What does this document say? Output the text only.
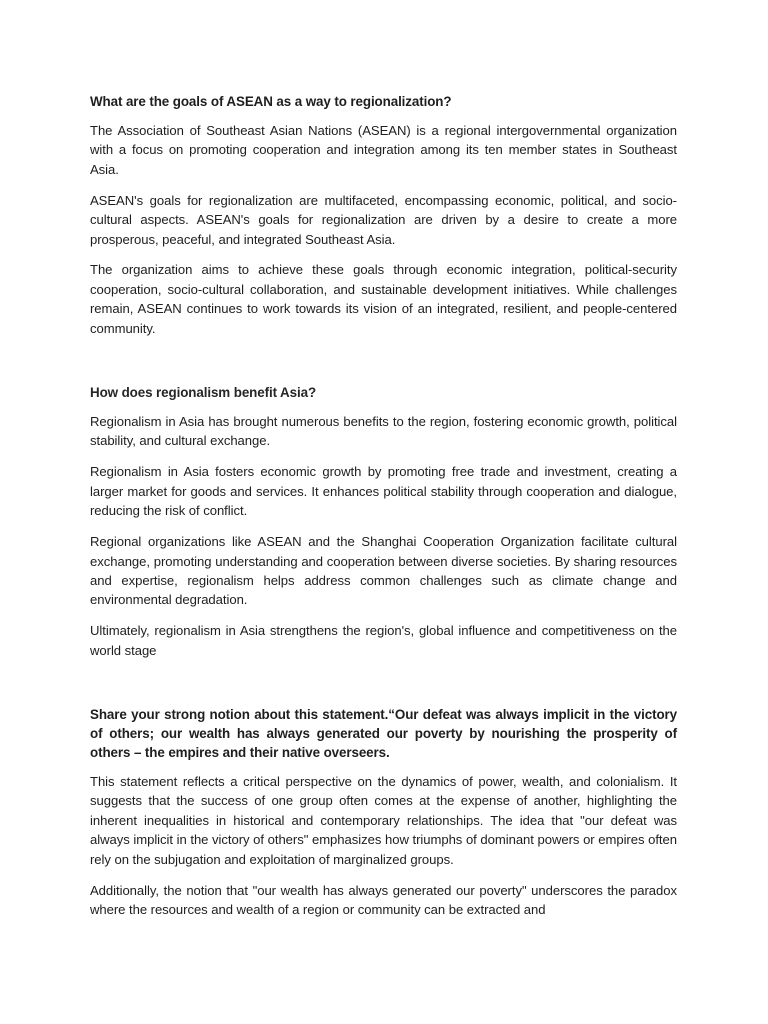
What are the goals of ASEAN as a way to regionalization?

The Association of Southeast Asian Nations (ASEAN) is a regional intergovernmental organization with a focus on promoting cooperation and integration among its ten member states in Southeast Asia.

ASEAN's goals for regionalization are multifaceted, encompassing economic, political, and socio-cultural aspects. ASEAN's goals for regionalization are driven by a desire to create a more prosperous, peaceful, and integrated Southeast Asia.

The organization aims to achieve these goals through economic integration, political-security cooperation, socio-cultural collaboration, and sustainable development initiatives. While challenges remain, ASEAN continues to work towards its vision of an integrated, resilient, and people-centered community.

How does regionalism benefit Asia?

Regionalism in Asia has brought numerous benefits to the region, fostering economic growth, political stability, and cultural exchange.

Regionalism in Asia fosters economic growth by promoting free trade and investment, creating a larger market for goods and services. It enhances political stability through cooperation and dialogue, reducing the risk of conflict.

Regional organizations like ASEAN and the Shanghai Cooperation Organization facilitate cultural exchange, promoting understanding and cooperation between diverse societies. By sharing resources and expertise, regionalism helps address common challenges such as climate change and environmental degradation.

Ultimately, regionalism in Asia strengthens the region's, global influence and competitiveness on the world stage

Share your strong notion about this statement.“Our defeat was always implicit in the victory of others; our wealth has always generated our poverty by nourishing the prosperity of others – the empires and their native overseers.

This statement reflects a critical perspective on the dynamics of power, wealth, and colonialism. It suggests that the success of one group often comes at the expense of another, highlighting the inherent inequalities in historical and contemporary relationships. The idea that "our defeat was always implicit in the victory of others" emphasizes how triumphs of dominant powers or empires often rely on the subjugation and exploitation of marginalized groups.

Additionally, the notion that "our wealth has always generated our poverty" underscores the paradox where the resources and wealth of a region or community can be extracted and
